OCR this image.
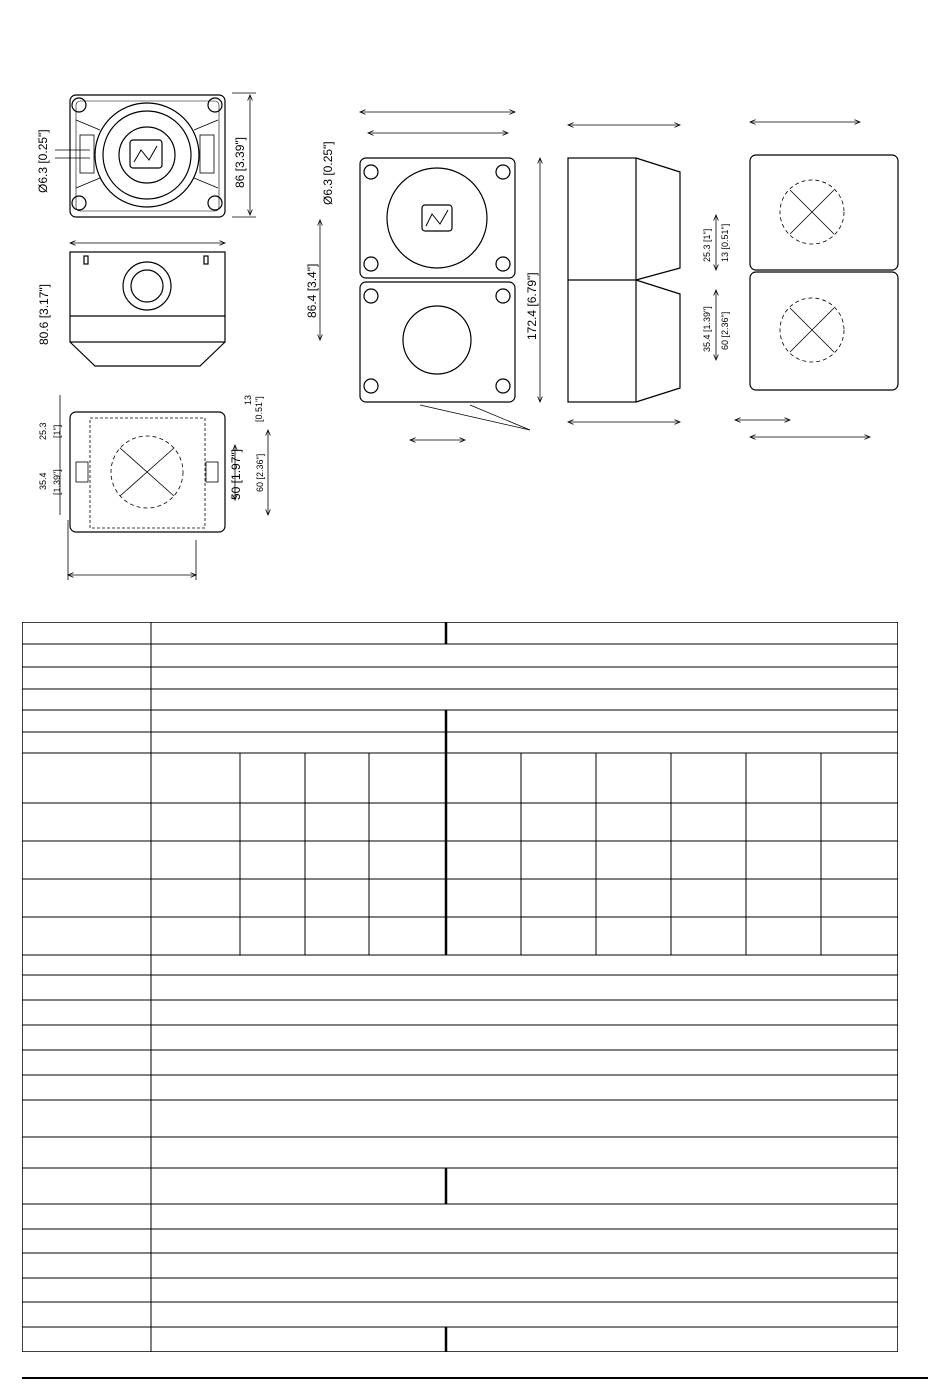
Ø6.3 [0.25"]	86 [3.39"]
80.6 [3.17"]
13 [0.51"]
25.3 [1"]
35.4 [1.39"]	50 [1.97"] 60 [2.36"]
Ø6.3 [0.25"]
86.4 [3.4"]	172.4 [6.79"]
25.3 [1"] 13 [0.51"]
35.4 [1.39"] 60 [2.36"]
